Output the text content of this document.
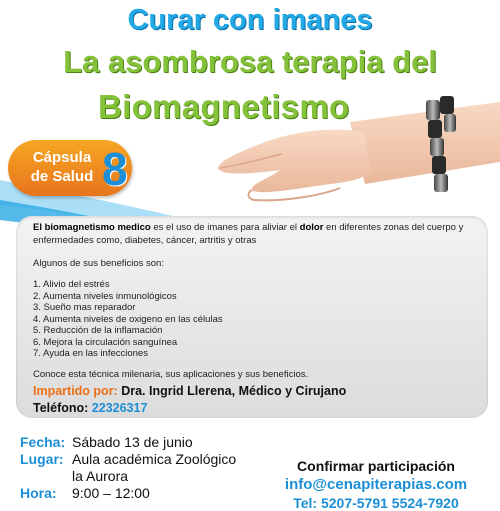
Curar con imanes
La asombrosa terapia del
Biomagnetismo
Cápsula
de Salud 8
El biomagnetismo medico es el uso de imanes para aliviar el dolor en diferentes zonas del cuerpo y enfermedades como, diabetes, cáncer, artritis y otras
Algunos de sus beneficios son:
1. Alivio del estrés
2. Aumenta niveles inmunológicos
3. Sueño mas reparador
4. Aumenta niveles de oxigeno en las células
5. Reducción de la inflamación
6. Mejora la circulación sanguínea
7. Ayuda en las infecciones
Conoce esta técnica milenaria, sus aplicaciones y sus beneficios.
Impartido por: Dra. Ingrid Llerena, Médico y Cirujano
Teléfono: 22326317
Fecha: Sábado 13 de junio
Lugar: Aula académica Zoológico
la Aurora
Hora:	9:00 – 12:00
Confirmar participación
info@cenapiterapias.com
Tel: 5207-5791 5524-7920
